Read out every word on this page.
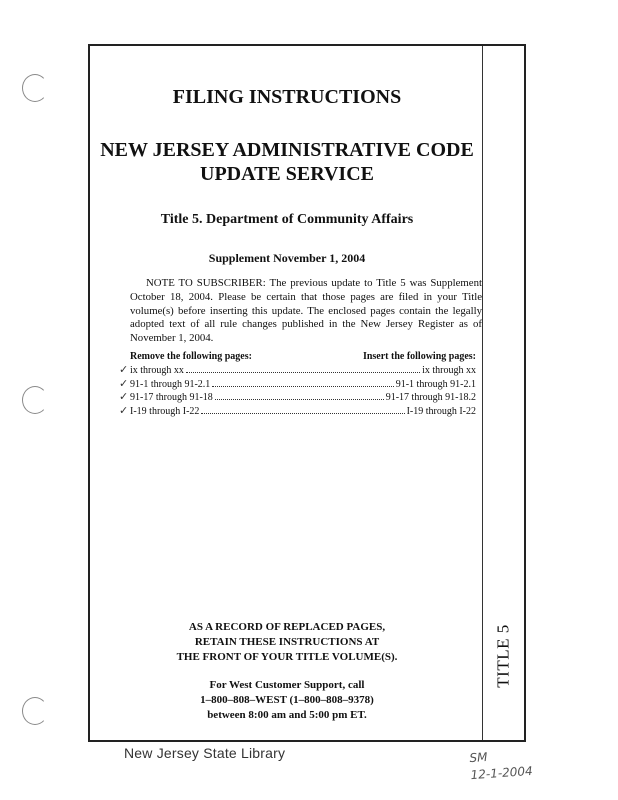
FILING INSTRUCTIONS
NEW JERSEY ADMINISTRATIVE CODE
UPDATE SERVICE
Title 5. Department of Community Affairs
Supplement November 1, 2004

NOTE TO SUBSCRIBER: The previous update to Title 5 was Supplement October 18, 2004. Please be certain that those pages are filed in your Title volume(s) before inserting this update. The enclosed pages contain the legally adopted text of all rule changes published in the New Jersey Register as of November 1, 2004.

Remove the following pages:	Insert the following pages:
✓ ix through xx	ix through xx
✓ 91-1 through 91-2.1	91-1 through 91-2.1
✓ 91-17 through 91-18	91-17 through 91-18.2
✓ I-19 through I-22	I-19 through I-22
AS A RECORD OF REPLACED PAGES,
RETAIN THESE INSTRUCTIONS AT
THE FRONT OF YOUR TITLE VOLUME(S).
For West Customer Support, call
1–800–808–WEST (1–800–808–9378)
between 8:00 am and 5:00 pm ET.
TITLE 5
New Jersey State Library	SM
12-1-2004
